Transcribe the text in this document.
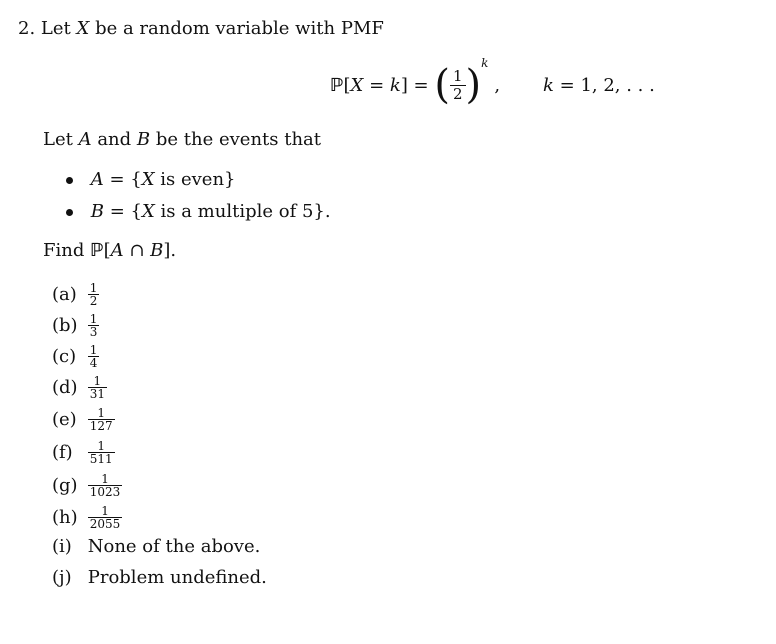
2. Let X be a random variable with PMF
ℙ [ X = k ] = ( $\frac{1}{2}$ ) k
, k = 1, 2, . . .
Let A and B be the events that
A = {X is even}
B = {X is a multiple of 5}.
Find ℙ[A ∩ B].
$(a) \frac{1}{2}$
$(b) \frac{1}{3}$
$(c) \frac{1}{4}$
$(d) \frac{1}{31}$
$(e) \frac{1}{127}$
$(f) \frac{1}{511}$
$(g) \frac{1}{1023}$
$(h) \frac{1}{2055}$
(i) None of the above.
(j) Problem undefined.
